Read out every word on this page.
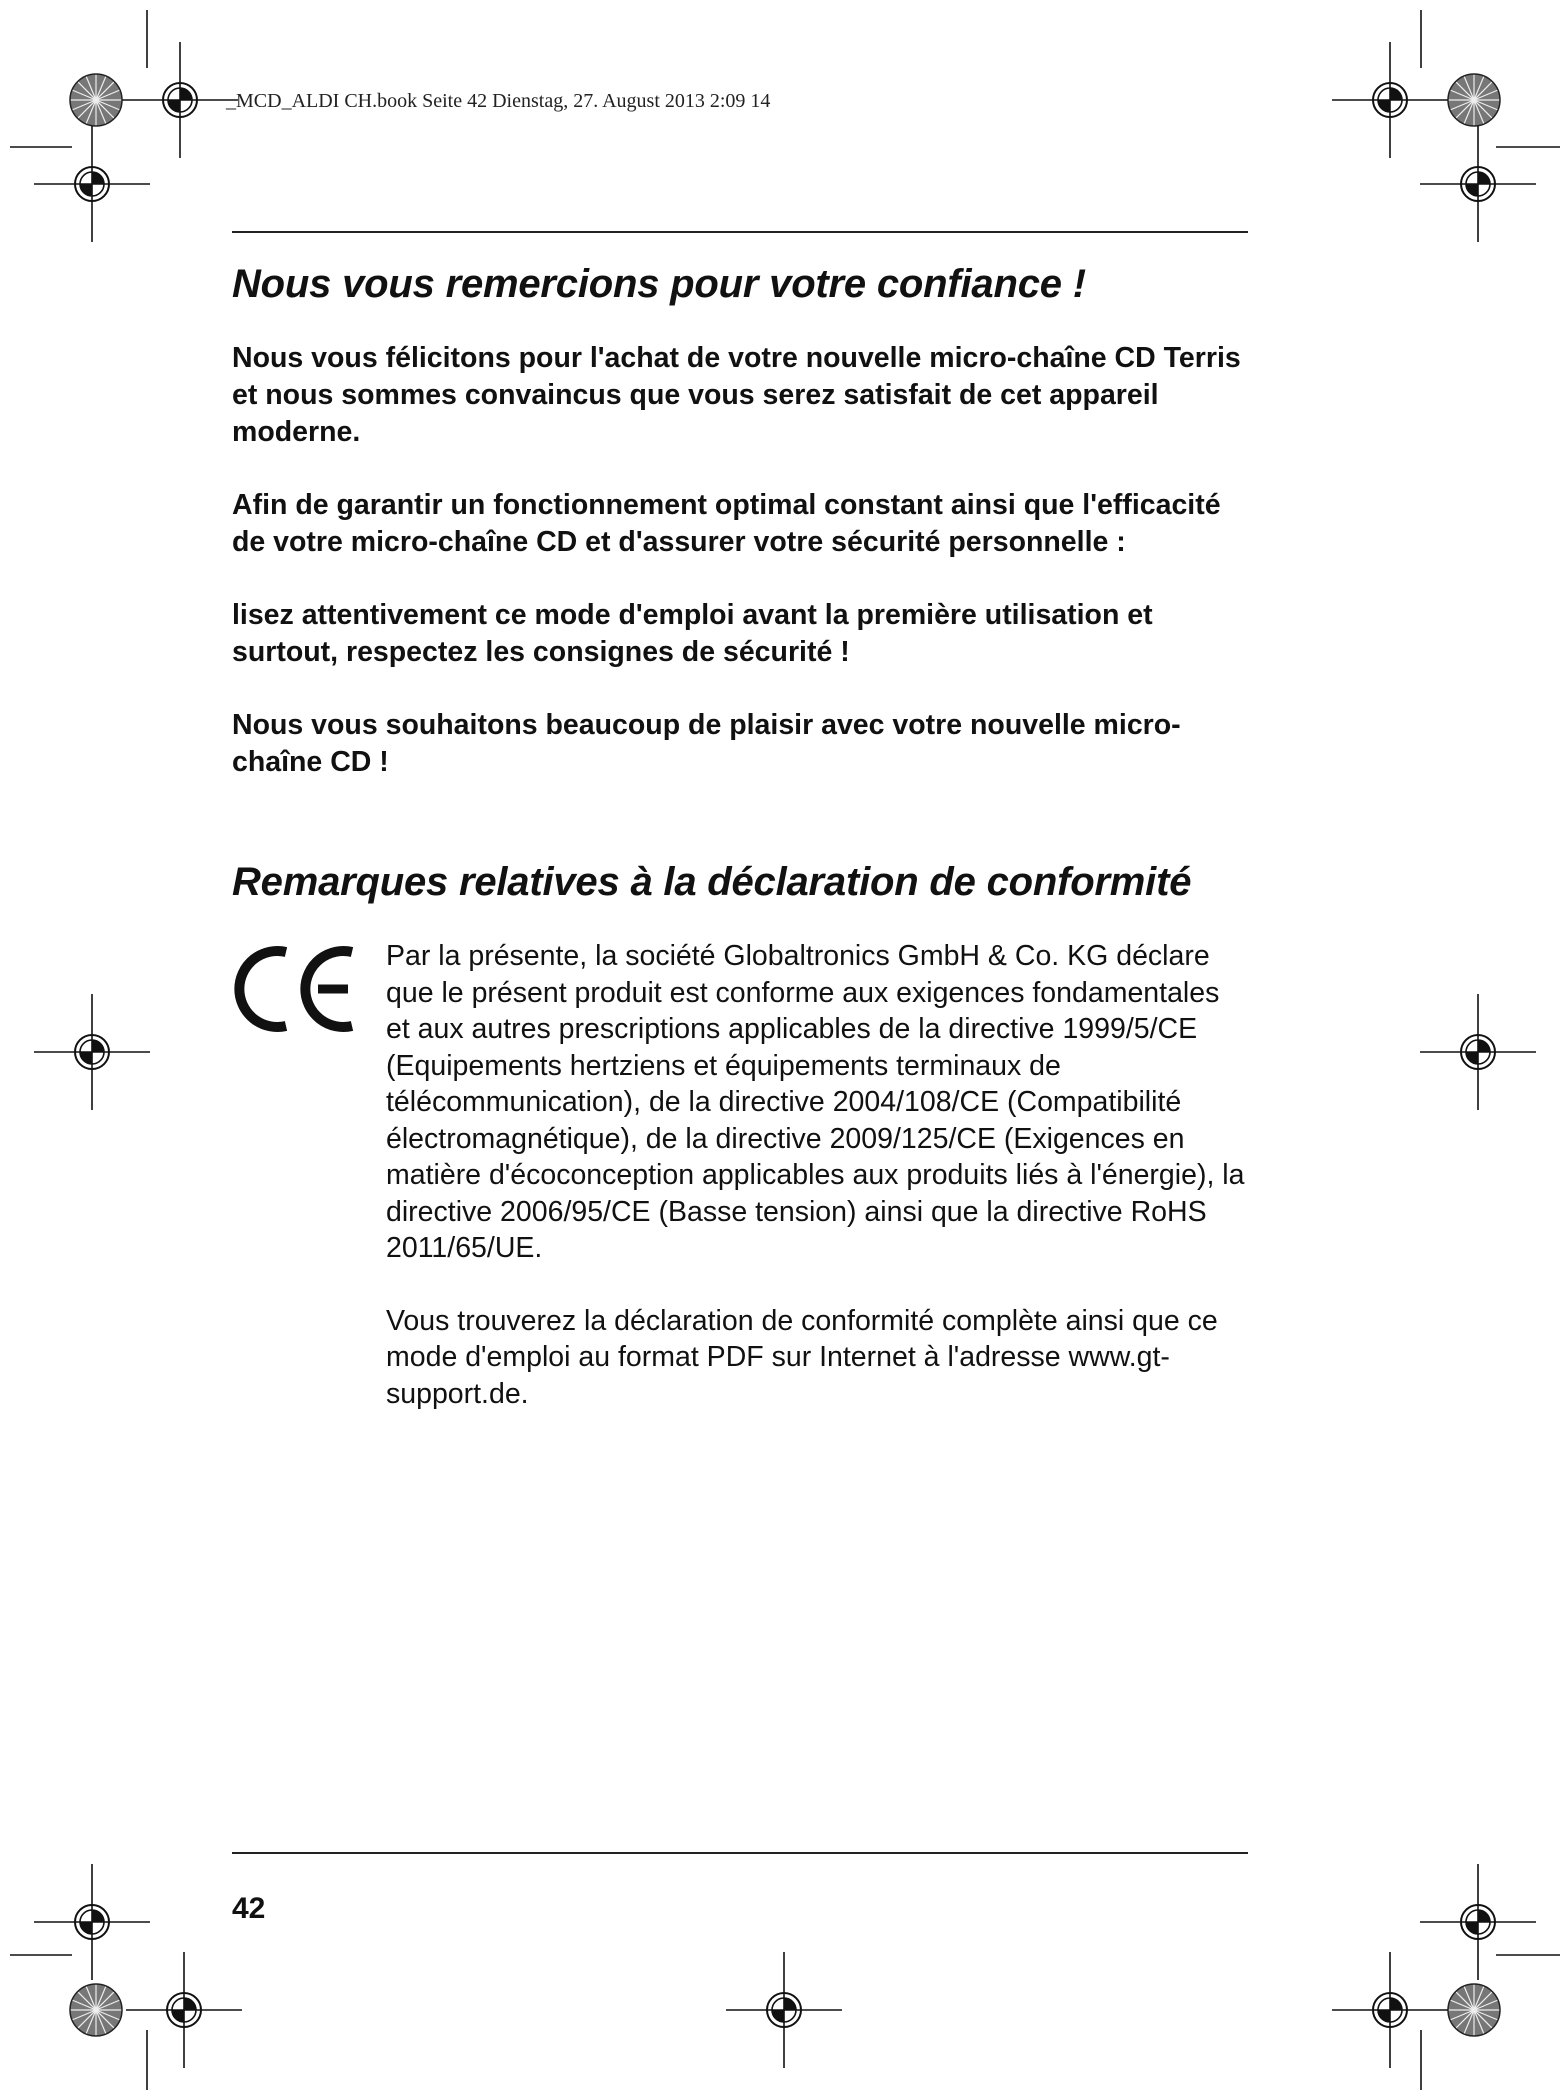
_MCD_ALDI CH.book Seite 42 Dienstag, 27. August 2013 2:09 14
Nous vous remercions pour votre confiance !

Nous vous félicitons pour l'achat de votre nouvelle micro-chaîne CD Terris et nous sommes convaincus que vous serez satisfait de cet appareil moderne.

Afin de garantir un fonctionnement optimal constant ainsi que l'efficacité de votre micro-chaîne CD et d'assurer votre sécurité personnelle :

lisez attentivement ce mode d'emploi avant la première utilisation et surtout, respectez les consignes de sécurité !

Nous vous souhaitons beaucoup de plaisir avec votre nouvelle micro-chaîne CD !

Remarques relatives à la déclaration de conformité

Par la présente, la société Globaltronics GmbH & Co. KG déclare que le présent produit est conforme aux exigences fondamentales et aux autres prescriptions applicables de la directive 1999/5/CE (Equipements hertziens et équipements terminaux de télécommunication), de la directive 2004/108/CE (Compatibilité électromagnétique), de la directive 2009/125/CE (Exigences en matière d'écoconception applicables aux produits liés à l'énergie), la directive 2006/95/CE (Basse tension) ainsi que la directive RoHS 2011/65/UE.

Vous trouverez la déclaration de conformité complète ainsi que ce mode d'emploi au format PDF sur Internet à l'adresse www.gt-support.de.

42
